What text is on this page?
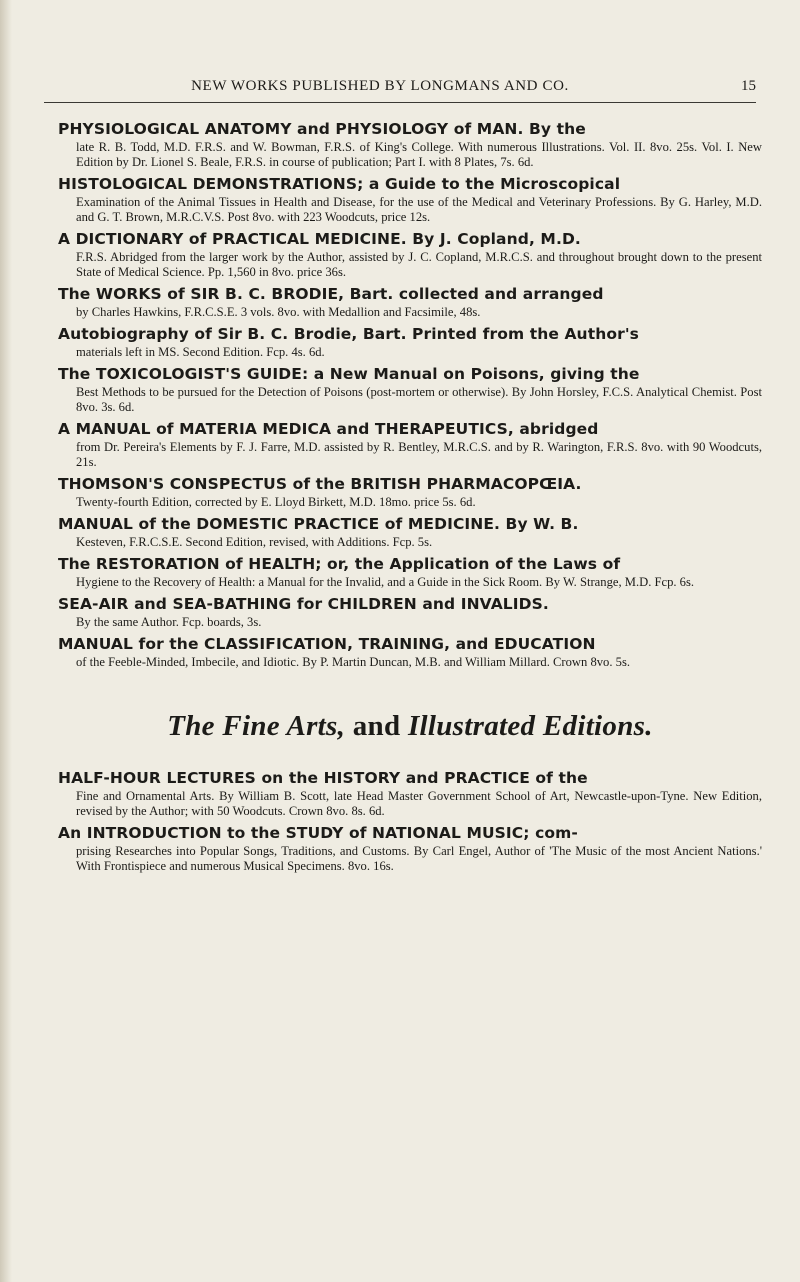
NEW WORKS PUBLISHED BY LONGMANS AND CO.	15

PHYSIOLOGICAL ANATOMY and PHYSIOLOGY of MAN. By the

late R. B. Todd, M.D. F.R.S. and W. Bowman, F.R.S. of King's College. With numerous Illustrations. Vol. II. 8vo. 25s. Vol. I. New Edition by Dr. Lionel S. Beale, F.R.S. in course of publication; Part I. with 8 Plates, 7s. 6d.

HISTOLOGICAL DEMONSTRATIONS; a Guide to the Microscopical

Examination of the Animal Tissues in Health and Disease, for the use of the Medical and Veterinary Professions. By G. Harley, M.D. and G. T. Brown, M.R.C.V.S. Post 8vo. with 223 Woodcuts, price 12s.

A DICTIONARY of PRACTICAL MEDICINE. By J. Copland, M.D.

F.R.S. Abridged from the larger work by the Author, assisted by J. C. Copland, M.R.C.S. and throughout brought down to the present State of Medical Science. Pp. 1,560 in 8vo. price 36s.

The WORKS of SIR B. C. BRODIE, Bart. collected and arranged

by Charles Hawkins, F.R.C.S.E. 3 vols. 8vo. with Medallion and Facsimile, 48s.

Autobiography of Sir B. C. Brodie, Bart. Printed from the Author's

materials left in MS. Second Edition. Fcp. 4s. 6d.

The TOXICOLOGIST'S GUIDE: a New Manual on Poisons, giving the

Best Methods to be pursued for the Detection of Poisons (post-mortem or otherwise). By John Horsley, F.C.S. Analytical Chemist. Post 8vo. 3s. 6d.

A MANUAL of MATERIA MEDICA and THERAPEUTICS, abridged

from Dr. Pereira's Elements by F. J. Farre, M.D. assisted by R. Bentley, M.R.C.S. and by R. Warington, F.R.S. 8vo. with 90 Woodcuts, 21s.

THOMSON'S CONSPECTUS of the BRITISH PHARMACOPŒIA.

Twenty-fourth Edition, corrected by E. Lloyd Birkett, M.D. 18mo. price 5s. 6d.

MANUAL of the DOMESTIC PRACTICE of MEDICINE. By W. B.

Kesteven, F.R.C.S.E. Second Edition, revised, with Additions. Fcp. 5s.

The RESTORATION of HEALTH; or, the Application of the Laws of

Hygiene to the Recovery of Health: a Manual for the Invalid, and a Guide in the Sick Room. By W. Strange, M.D. Fcp. 6s.

SEA-AIR and SEA-BATHING for CHILDREN and INVALIDS.

By the same Author. Fcp. boards, 3s.

MANUAL for the CLASSIFICATION, TRAINING, and EDUCATION

of the Feeble-Minded, Imbecile, and Idiotic. By P. Martin Duncan, M.B. and William Millard. Crown 8vo. 5s.

The Fine Arts, and Illustrated Editions.

HALF-HOUR LECTURES on the HISTORY and PRACTICE of the

Fine and Ornamental Arts. By William B. Scott, late Head Master Government School of Art, Newcastle-upon-Tyne. New Edition, revised by the Author; with 50 Woodcuts. Crown 8vo. 8s. 6d.

An INTRODUCTION to the STUDY of NATIONAL MUSIC; com-

prising Researches into Popular Songs, Traditions, and Customs. By Carl Engel, Author of 'The Music of the most Ancient Nations.' With Frontispiece and numerous Musical Specimens. 8vo. 16s.
